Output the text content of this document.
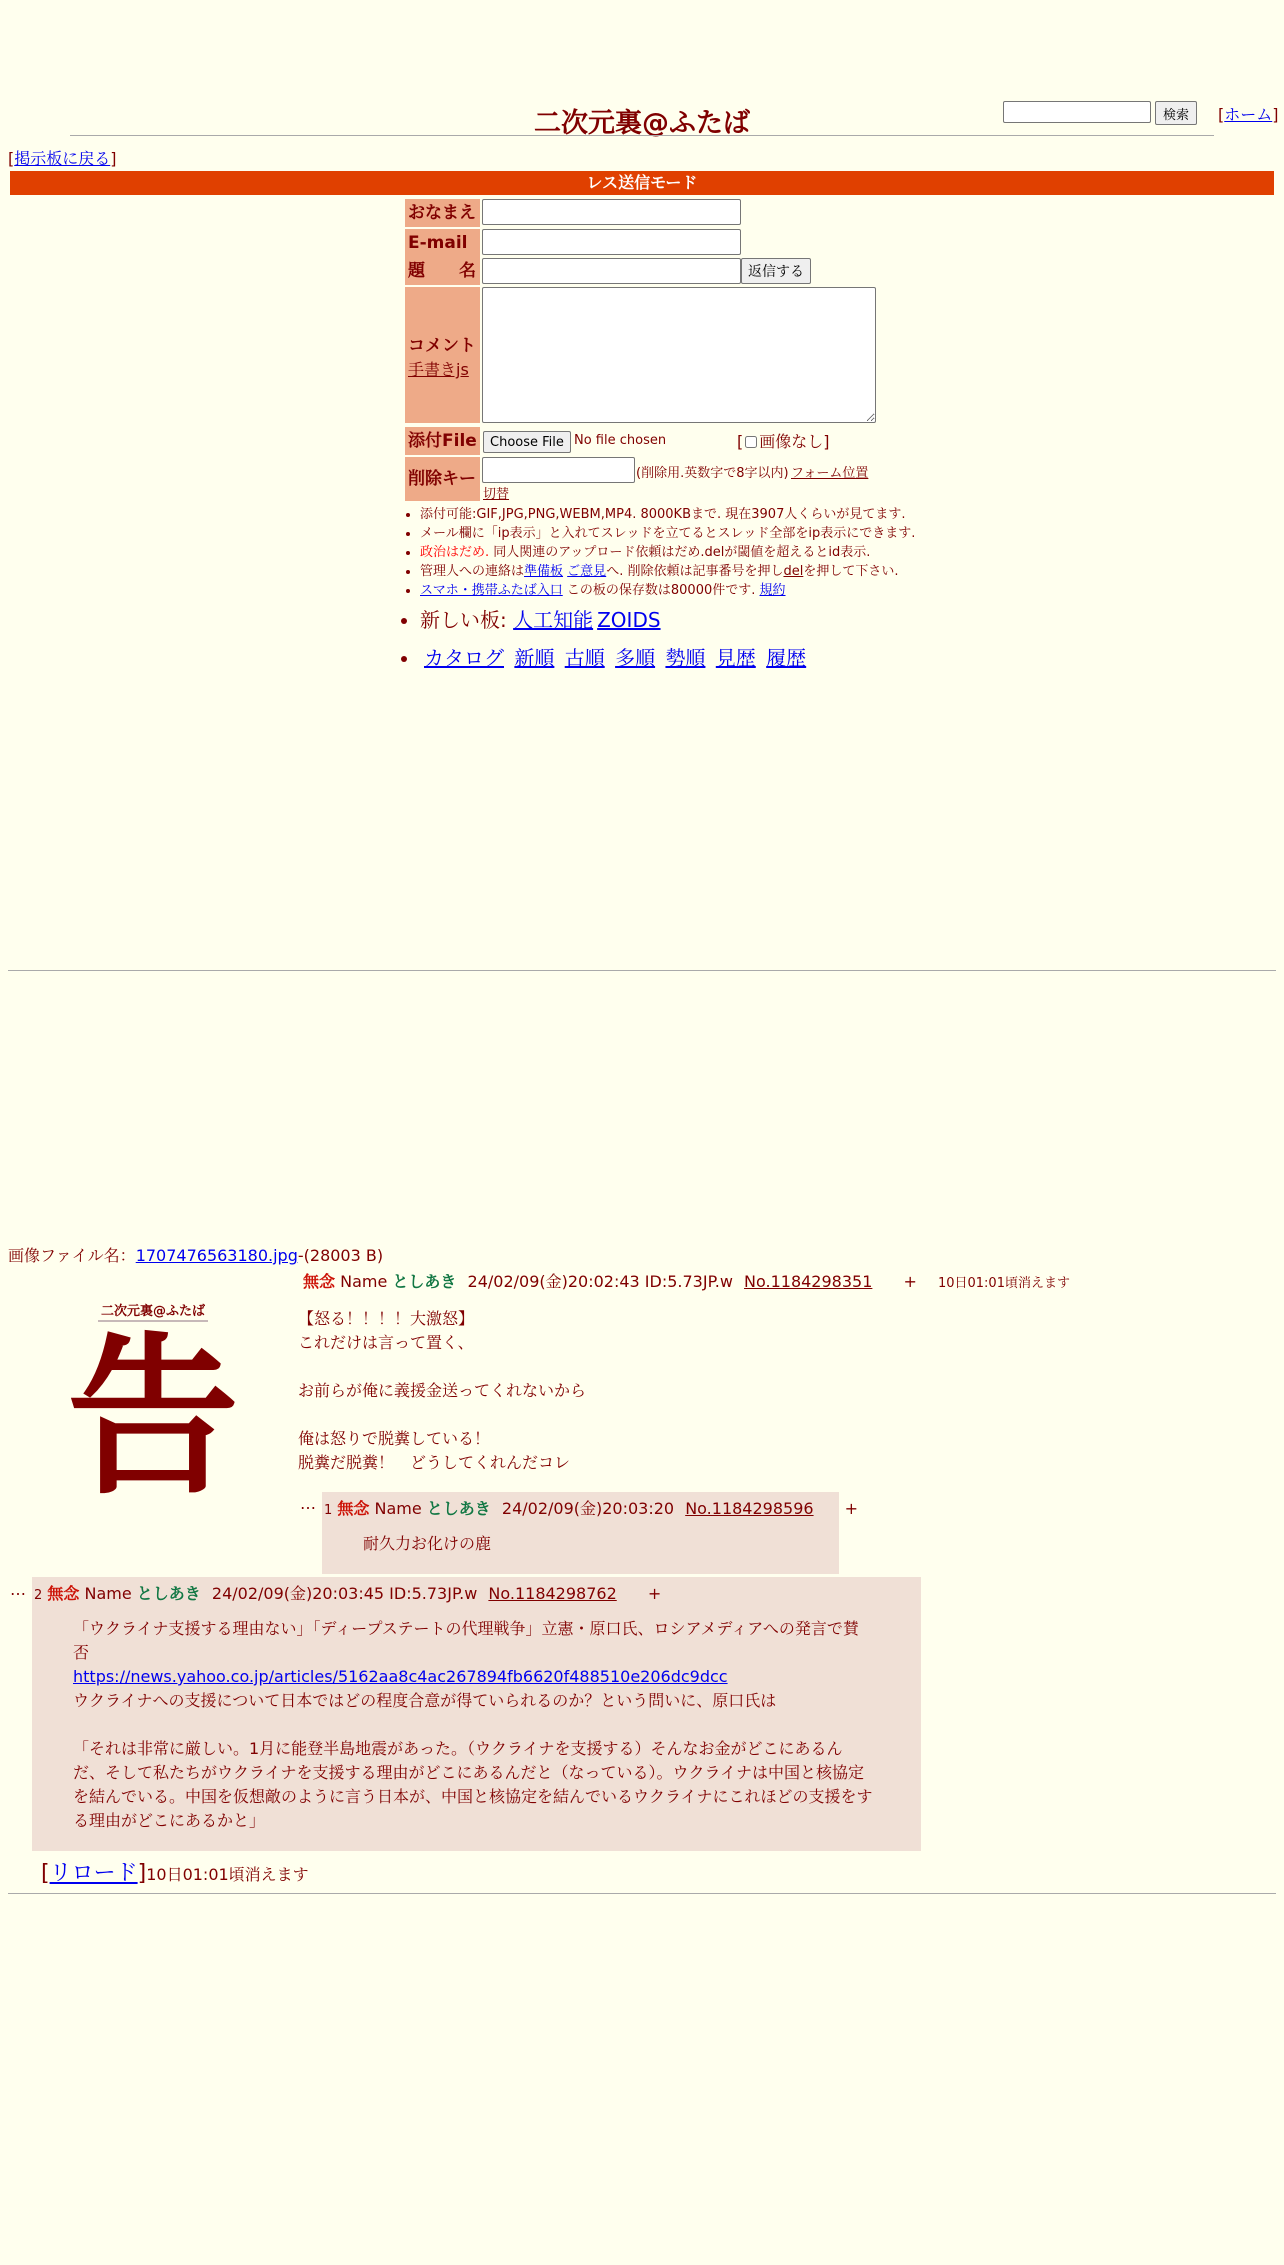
二次元裏@ふたば	検索	[ホーム]
[掲示板に戻る]
レス送信モード
おなまえ
E-mail
題　　名	返信する
コメント
手書きjs
添付File	Choose File No file chosen	[ 画像なし]
削除キー	(削除用.英数字で8字以内) フォーム位置
切替
• 添付可能:GIF,JPG,PNG,WEBM,MP4. 8000KBまで. 現在3907人くらいが見てます.
• メール欄に「ip表示」と入れてスレッドを立てるとスレッド全部をip表示にできます.
• 政治はだめ. 同人関連のアップロード依頼はだめ.delが閾値を超えるとid表示.
• 管理人への連絡は準備板 ご意見へ. 削除依頼は記事番号を押しdelを押して下さい.
• スマホ・携帯ふたば入口 この板の保存数は80000件です. 規約
• 新しい板: 人工知能 ZOIDS
• カタログ 新順 古順 多順 勢順 見歴 履歴
画像ファイル名：1707476563180.jpg-(28003 B)
二次元裏@ふたば
告
無念 Name としあき 24/02/09(金)20:02:43 ID:5.73JP.w No.1184298351 + 10日01:01頃消えます
【怒る！！！！大激怒】
これだけは言って置く、
お前らが俺に義援金送ってくれないから
俺は怒りで脱糞している！
脱糞だ脱糞！　どうしてくれんだコレ
… 1 無念 Name としあき 24/02/09(金)20:03:20 No.1184298596 +
耐久力お化けの鹿
… 2 無念 Name としあき 24/02/09(金)20:03:45 ID:5.73JP.w No.1184298762 +
「ウクライナ支援する理由ない」「ディープステートの代理戦争」立憲・原口氏、ロシアメディアへの発言で賛
否
https://news.yahoo.co.jp/articles/5162aa8c4ac267894fb6620f488510e206dc9dcc
ウクライナへの支援について日本ではどの程度合意が得ていられるのか？という問いに、原口氏は
「それは非常に厳しい。1月に能登半島地震があった。（ウクライナを支援する）そんなお金がどこにあるん
だ、そして私たちがウクライナを支援する理由がどこにあるんだと（なっている）。ウクライナは中国と核協定
を結んでいる。中国を仮想敵のように言う日本が、中国と核協定を結んでいるウクライナにこれほどの支援をす
る理由がどこにあるかと」
[リロード]10日01:01頃消えます
